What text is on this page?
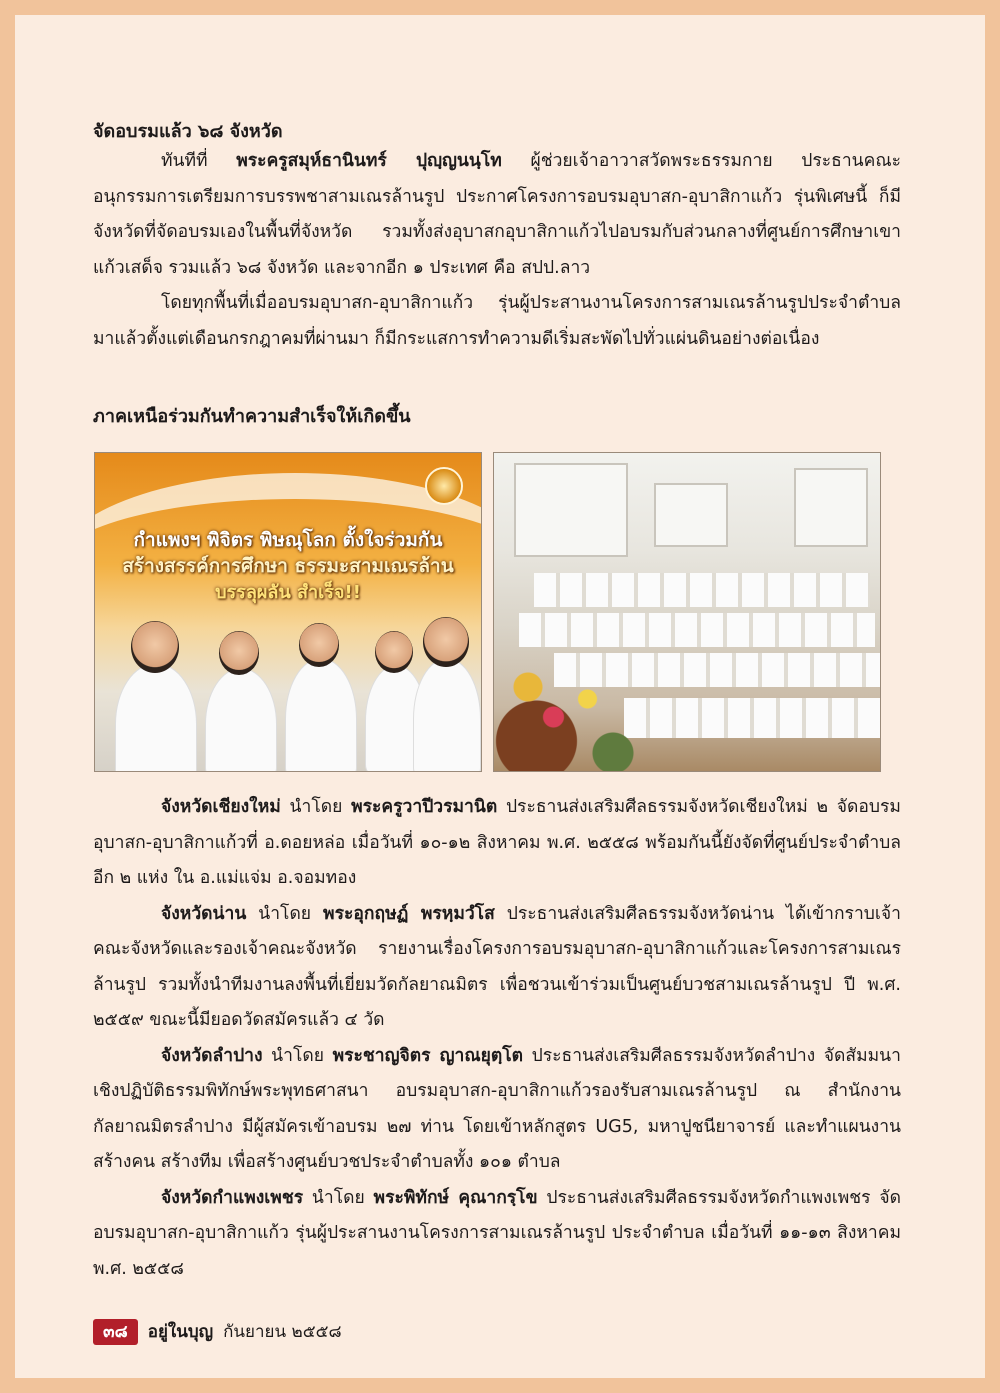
จัดอบรมแล้ว ๖๘ จังหวัด

ทันทีที่ พระครูสมุห์ธานินทร์ ปุญฺญนนฺโท ผู้ช่วยเจ้าอาวาสวัดพระธรรมกาย ประธานคณะอนุกรรมการเตรียมการบรรพชาสามเณรล้านรูป ประกาศโครงการอบรมอุบาสก-อุบาสิกาแก้ว รุ่นพิเศษนี้ ก็มีจังหวัดที่จัดอบรมเองในพื้นที่จังหวัด รวมทั้งส่งอุบาสกอุบาสิกาแก้วไปอบรมกับส่วนกลางที่ศูนย์การศึกษาเขาแก้วเสด็จ รวมแล้ว ๖๘ จังหวัด และจากอีก ๑ ประเทศ คือ สปป.ลาว

โดยทุกพื้นที่เมื่ออบรมอุบาสก-อุบาสิกาแก้ว รุ่นผู้ประสานงานโครงการสามเณรล้านรูปประจำตำบล มาแล้วตั้งแต่เดือนกรกฎาคมที่ผ่านมา ก็มีกระแสการทำความดีเริ่มสะพัดไปทั่วแผ่นดินอย่างต่อเนื่อง

ภาคเหนือร่วมกันทำความสำเร็จให้เกิดขึ้น
กำแพงฯ พิจิตร พิษณุโลก ตั้งใจร่วมกัน
สร้างสรรค์การศึกษา ธรรมะสามเณรล้าน
บรรลุผลัน สำเร็จ!!

จังหวัดเชียงใหม่ นำโดย พระครูวาปีวรมานิต ประธานส่งเสริมศีลธรรมจังหวัดเชียงใหม่ ๒ จัดอบรมอุบาสก-อุบาสิกาแก้วที่ อ.ดอยหล่อ เมื่อวันที่ ๑๐-๑๒ สิงหาคม พ.ศ. ๒๕๕๘ พร้อมกันนี้ยังจัดที่ศูนย์ประจำตำบลอีก ๒ แห่ง ใน อ.แม่แจ่ม อ.จอมทอง

จังหวัดน่าน นำโดย พระอุกฤษฏ์ พรหฺมวํโส ประธานส่งเสริมศีลธรรมจังหวัดน่าน ได้เข้ากราบเจ้าคณะจังหวัดและรองเจ้าคณะจังหวัด รายงานเรื่องโครงการอบรมอุบาสก-อุบาสิกาแก้วและโครงการสามเณรล้านรูป รวมทั้งนำทีมงานลงพื้นที่เยี่ยมวัดกัลยาณมิตร เพื่อชวนเข้าร่วมเป็นศูนย์บวชสามเณรล้านรูป ปี พ.ศ. ๒๕๕๙ ขณะนี้มียอดวัดสมัครแล้ว ๔ วัด

จังหวัดลำปาง นำโดย พระชาญจิตร ญาณยุตฺโต ประธานส่งเสริมศีลธรรมจังหวัดลำปาง จัดสัมมนาเชิงปฏิบัติธรรมพิทักษ์พระพุทธศาสนา อบรมอุบาสก-อุบาสิกาแก้วรองรับสามเณรล้านรูป ณ สำนักงานกัลยาณมิตรลำปาง มีผู้สมัครเข้าอบรม ๒๗ ท่าน โดยเข้าหลักสูตร UG5, มหาปูชนียาจารย์ และทำแผนงานสร้างคน สร้างทีม เพื่อสร้างศูนย์บวชประจำตำบลทั้ง ๑๐๑ ตำบล

จังหวัดกำแพงเพชร นำโดย พระพิทักษ์ คุณากรฺโข ประธานส่งเสริมศีลธรรมจังหวัดกำแพงเพชร จัดอบรมอุบาสก-อุบาสิกาแก้ว รุ่นผู้ประสานงานโครงการสามเณรล้านรูป ประจำตำบล เมื่อวันที่ ๑๑-๑๓ สิงหาคม พ.ศ. ๒๕๕๘

๓๘	อยู่ในบุญ กันยายน ๒๕๕๘
